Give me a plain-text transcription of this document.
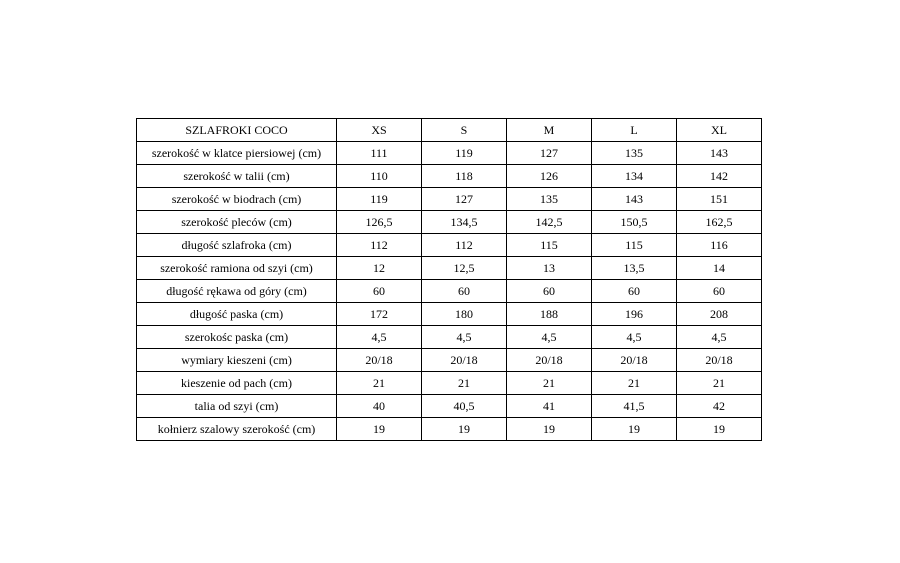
SZLAFROKI COCO	XS	S	M	L	XL
szerokość w klatce piersiowej (cm)	111	119	127	135	143
szerokość w talii (cm)	110	118	126	134	142
szerokość w biodrach (cm)	119	127	135	143	151
szerokość pleców (cm)	126,5	134,5	142,5	150,5	162,5
długość szlafroka (cm)	112	112	115	115	116
szerokość ramiona od szyi (cm)	12	12,5	13	13,5	14
długość rękawa od góry (cm)	60	60	60	60	60
długość paska (cm)	172	180	188	196	208
szerokośc paska (cm)	4,5	4,5	4,5	4,5	4,5
wymiary kieszeni (cm)	20/18	20/18	20/18	20/18	20/18
kieszenie od pach (cm)	21	21	21	21	21
talia od szyi (cm)	40	40,5	41	41,5	42
kołnierz szalowy szerokość (cm)	19	19	19	19	19
